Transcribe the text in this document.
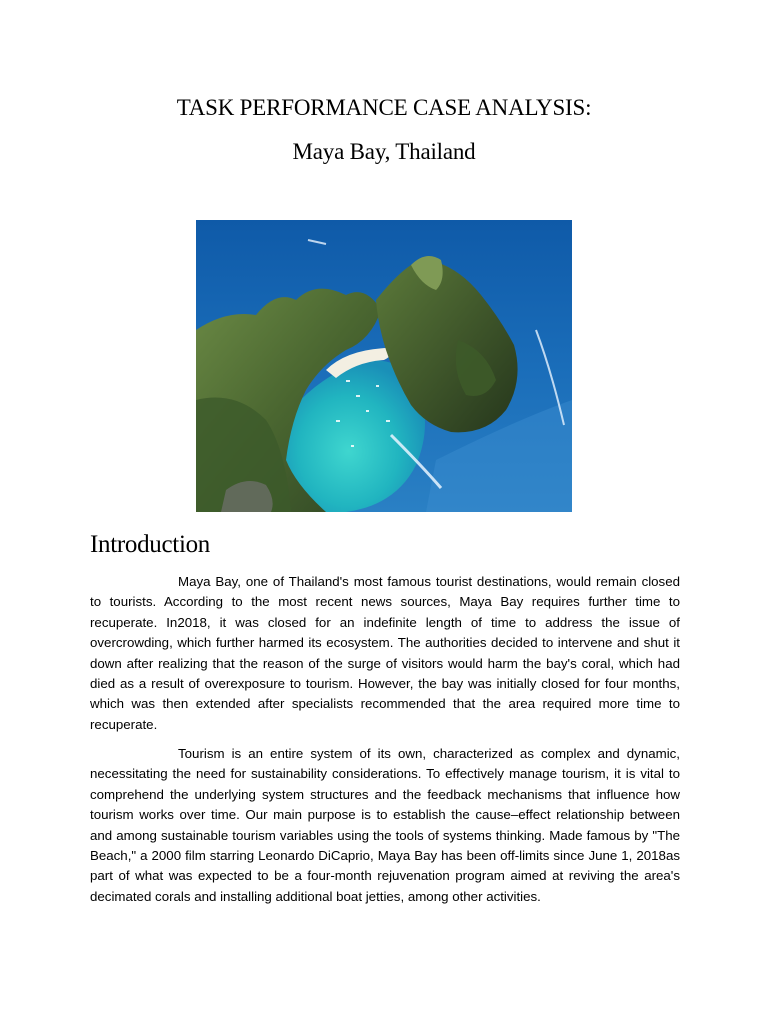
TASK PERFORMANCE CASE ANALYSIS:
Maya Bay, Thailand
Introduction

Maya Bay, one of Thailand's most famous tourist destinations, would remain closed to tourists. According to the most recent news sources, Maya Bay requires further time to recuperate. In2018, it was closed for an indefinite length of time to address the issue of overcrowding, which further harmed its ecosystem. The authorities decided to intervene and shut it down after realizing that the reason of the surge of visitors would harm the bay's coral, which had died as a result of overexposure to tourism. However, the bay was initially closed for four months, which was then extended after specialists recommended that the area required more time to recuperate.

Tourism is an entire system of its own, characterized as complex and dynamic, necessitating the need for sustainability considerations. To effectively manage tourism, it is vital to comprehend the underlying system structures and the feedback mechanisms that influence how tourism works over time. Our main purpose is to establish the cause–effect relationship between and among sustainable tourism variables using the tools of systems thinking. Made famous by "The Beach," a 2000 film starring Leonardo DiCaprio, Maya Bay has been off-limits since June 1, 2018as part of what was expected to be a four-month rejuvenation program aimed at reviving the area's decimated corals and installing additional boat jetties, among other activities.
